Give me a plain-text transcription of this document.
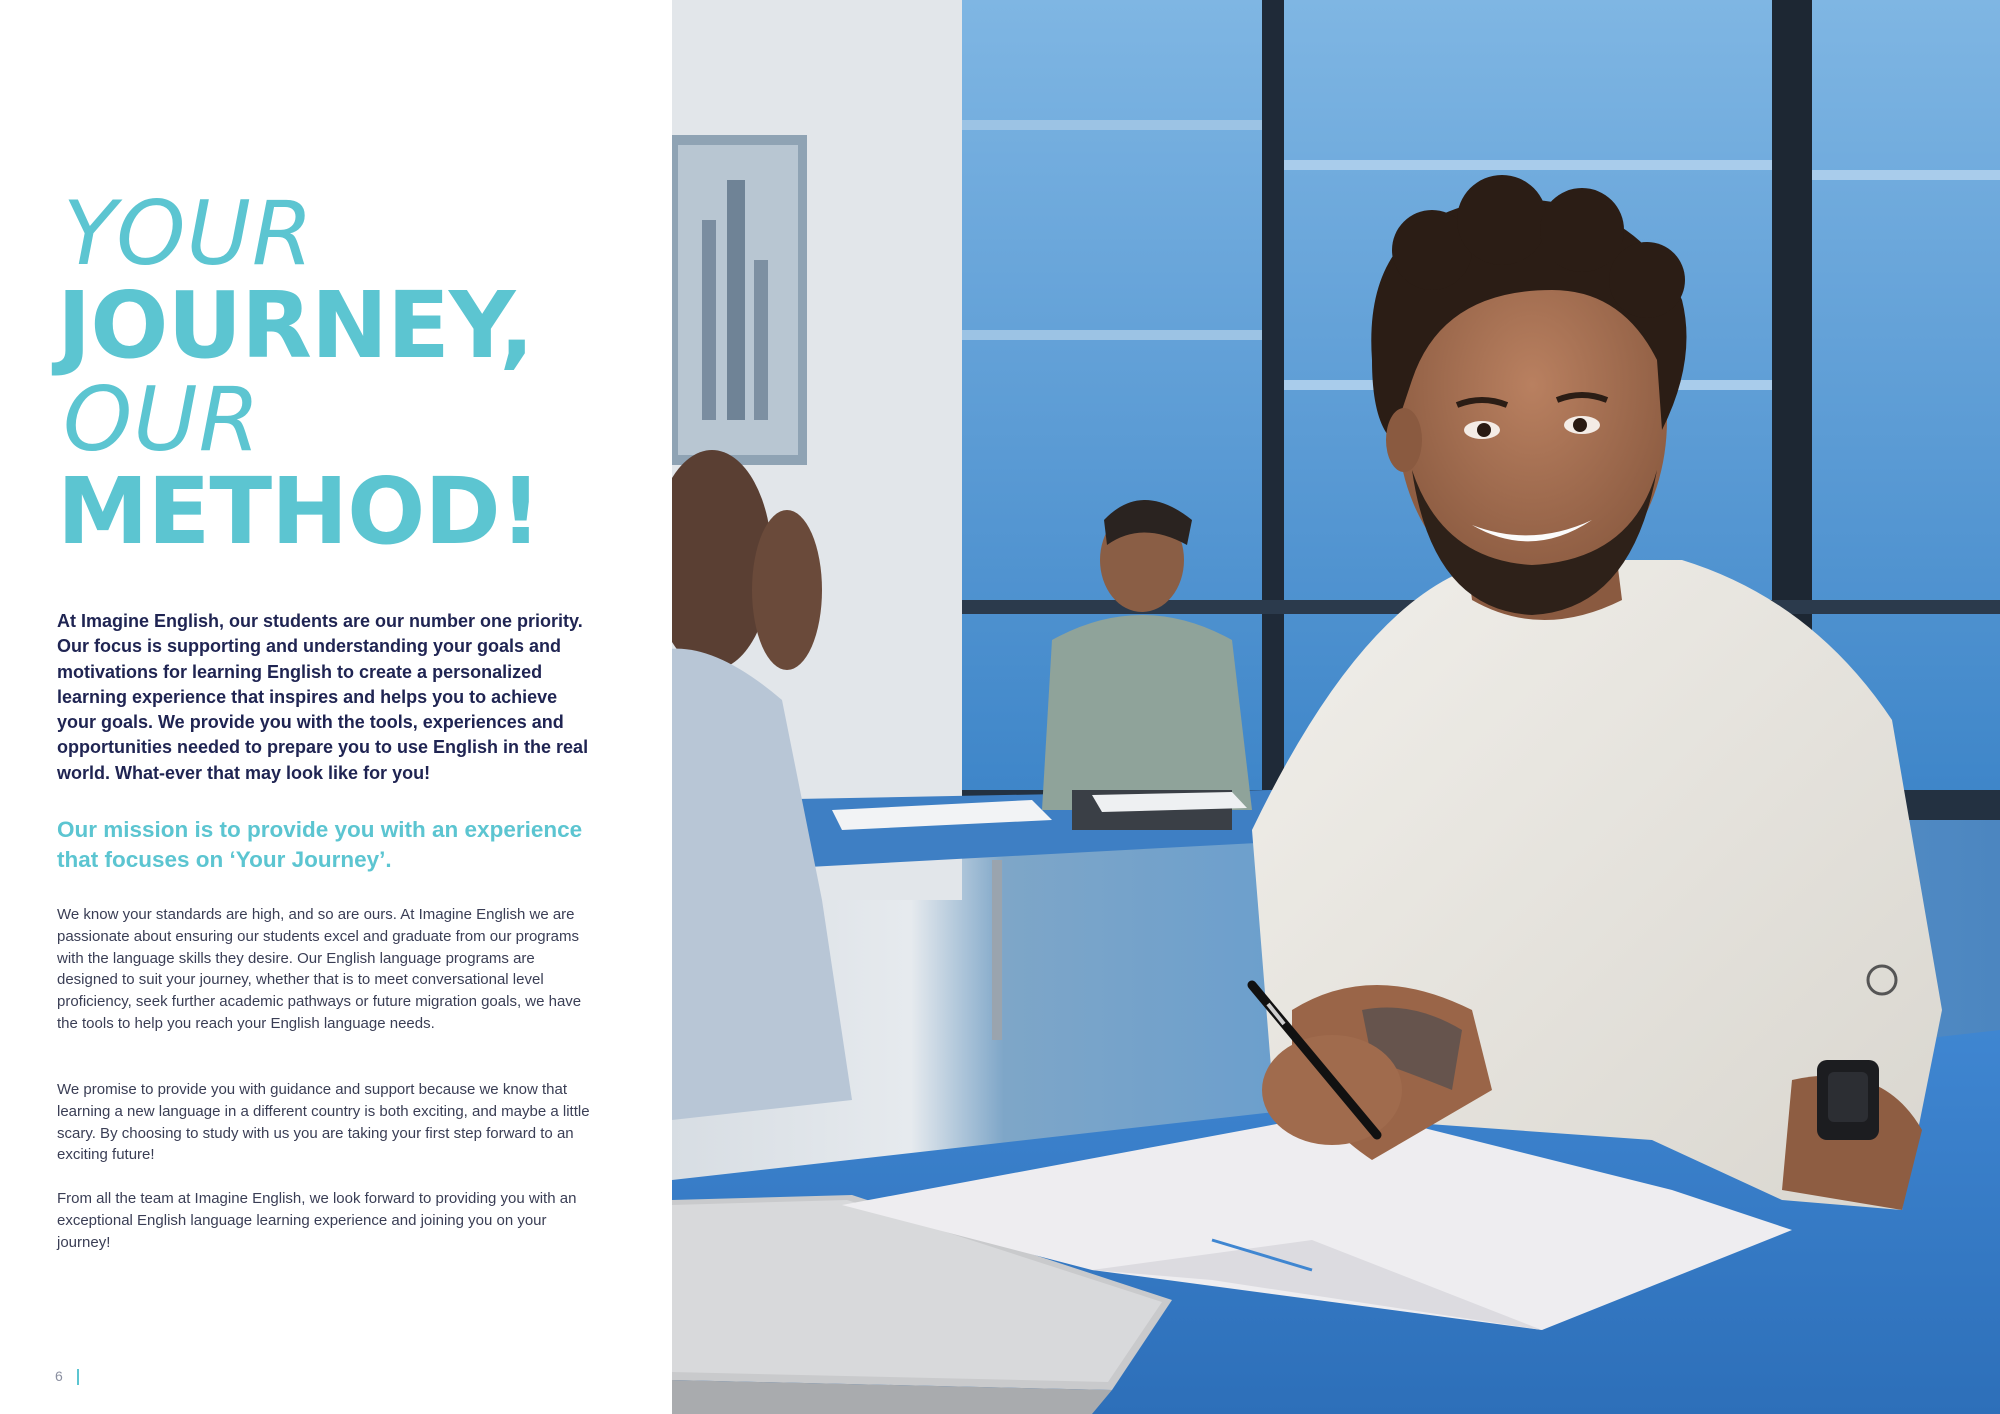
YOUR
JOURNEY,
OUR
METHOD!

At Imagine English, our students are our number one priority. Our focus is supporting and understanding your goals and motivations for learning English to create a personalized learning experience that inspires and helps you to achieve your goals. We provide you with the tools, experiences and opportunities needed to prepare you to use English in the real world. What-ever that may look like for you!

Our mission is to provide you with an experience that focuses on ‘Your Journey’.

We know your standards are high, and so are ours. At Imagine English we are passionate about ensuring our students excel and graduate from our programs with the language skills they desire. Our English language programs are designed to suit your journey, whether that is to meet conversational level proficiency, seek further academic pathways or future migration goals, we have the tools to help you reach your English language needs.

We promise to provide you with guidance and support because we know that learning a new language in a different country is both exciting, and maybe a little scary. By choosing to study with us you are taking your first step forward to an exciting future!

From all the team at Imagine English, we look forward to providing you with an exceptional English language learning experience and joining you on your journey!

6
